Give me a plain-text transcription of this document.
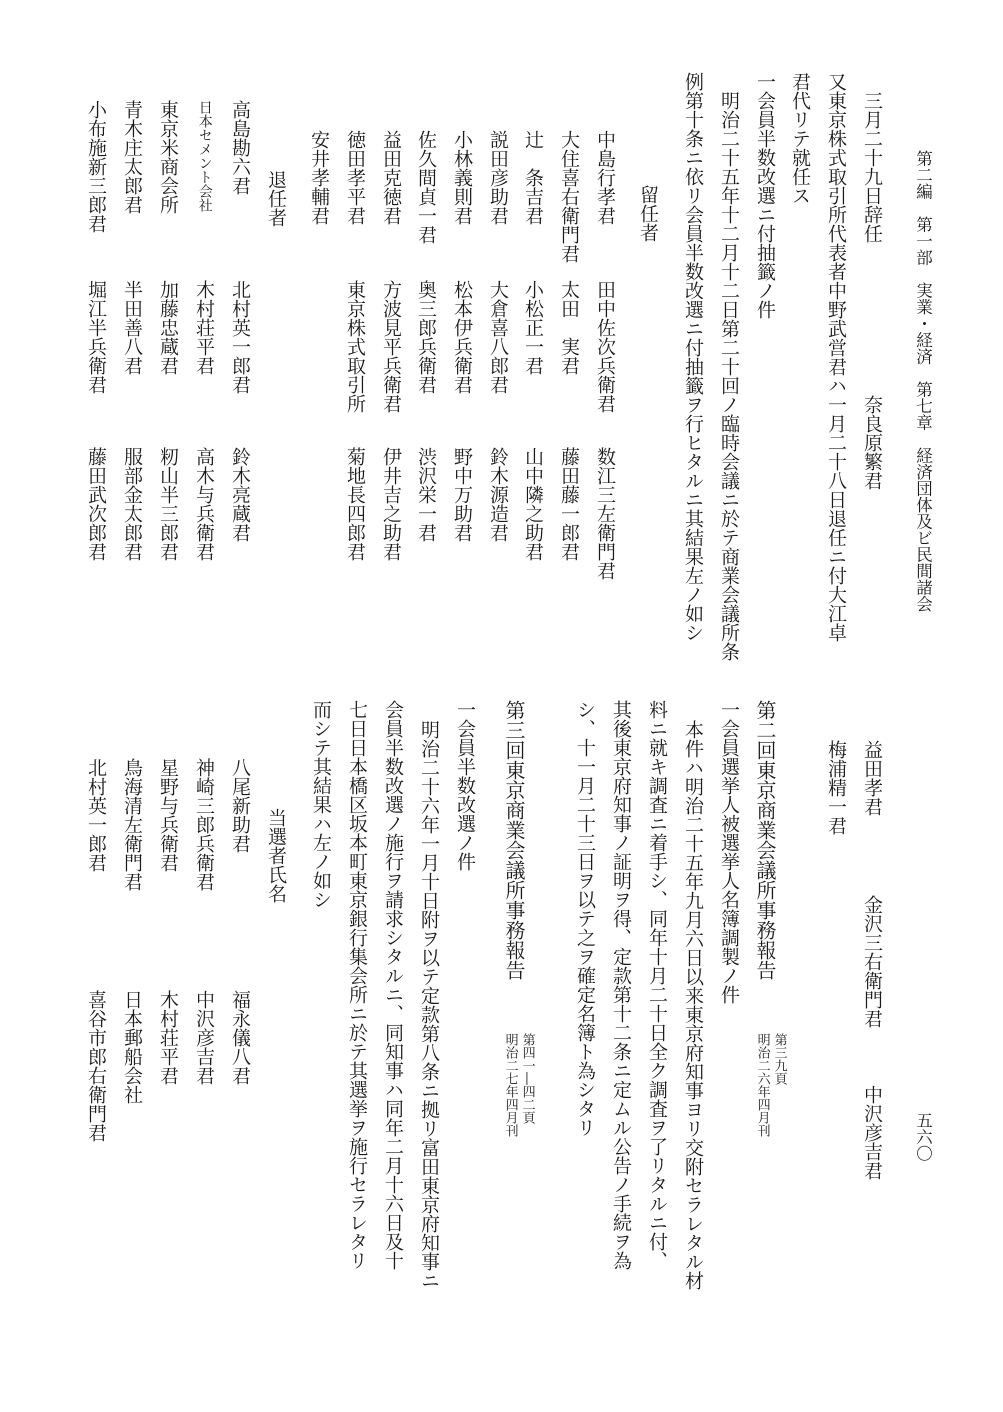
第二編　第一部　実業・経済　第七章　経済団体及ビ民間諸会
五六〇
三月二十九日辞任　　　　　　　　奈良原繁君
又東京株式取引所代表者中野武営君ハ一月二十八日退任ニ付大江卓
君代リテ就任ス
一会員半数改選ニ付抽籤ノ件
明治二十五年十二月十二日第二十回ノ臨時会議ニ於テ商業会議所条
例第十条ニ依リ会員半数改選ニ付抽籤ヲ行ヒタルニ其結果左ノ如シ
留任者
中島行孝君
田中佐次兵衛君
数江三左衛門君
大住喜右衛門君
太田　実君
藤田藤一郎君
辻　条吉君
小松正一君
山中隣之助君
説田彦助君
大倉喜八郎君
鈴木源造君
小林義則君
松本伊兵衛君
野中万助君
佐久間貞一君
奥三郎兵衛君
渋沢栄一君
益田克徳君
方波見平兵衛君
伊井吉之助君
徳田孝平君
東京株式取引所
菊地長四郎君
安井孝輔君
退任者
高島勘六君
北村英一郎君
鈴木亮蔵君
日本セメント会社
木村荘平君
高木与兵衛君
東京米商会所
加藤忠蔵君
籾山半三郎君
青木庄太郎君
半田善八君
服部金太郎君
小布施新三郎君
堀江半兵衛君
藤田武次郎君
益田孝君
金沢三右衛門君
中沢彦吉君
梅浦精一君
第二回東京商業会議所事務報告
第三九頁
明治二六年四月刊
一会員選挙人被選挙人名簿調製ノ件
本件ハ明治二十五年九月六日以来東京府知事ヨリ交附セラレタル材
料ニ就キ調査ニ着手シ、同年十月二十日全ク調査ヲ了リタルニ付、
其後東京府知事ノ証明ヲ得、定款第十二条ニ定ムル公告ノ手続ヲ為
シ、十一月二十三日ヲ以テ之ヲ確定名簿ト為シタリ
第三回東京商業会議所事務報告
第四一―四二頁
明治二七年四月刊
一会員半数改選ノ件
明治二十六年一月十日附ヲ以テ定款第八条ニ拠リ富田東京府知事ニ
会員半数改選ノ施行ヲ請求シタルニ、同知事ハ同年二月十六日及十
七日日本橋区坂本町東京銀行集会所ニ於テ其選挙ヲ施行セラレタリ
而シテ其結果ハ左ノ如シ
当選者氏名
八尾新助君
福永儀八君
神崎三郎兵衛君
中沢彦吉君
星野与兵衛君
木村荘平君
鳥海清左衛門君
日本郵船会社
北村英一郎君
喜谷市郎右衛門君
